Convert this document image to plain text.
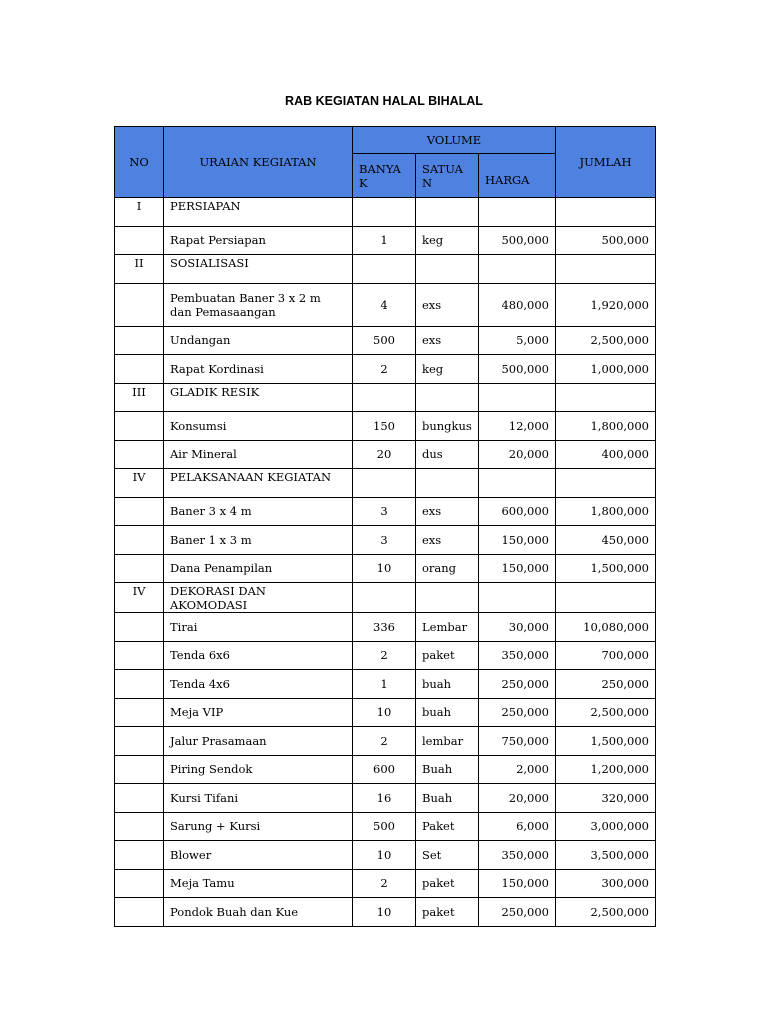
RAB KEGIATAN HALAL BIHALAL
NO	URAIAN KEGIATAN	VOLUME			JUMLAH
		BANYA K	SATUA N	HARGA	
I	PERSIAPAN				
	Rapat Persiapan	1	keg	500,000	500,000
II	SOSIALISASI				
	Pembuatan Baner 3 x 2 m dan Pemasaangan	4	exs	480,000	1,920,000
	Undangan	500	exs	5,000	2,500,000
	Rapat Kordinasi	2	keg	500,000	1,000,000
III	GLADIK RESIK				
	Konsumsi	150	bungkus	12,000	1,800,000
	Air Mineral	20	dus	20,000	400,000
IV	PELAKSANAAN KEGIATAN				
	Baner 3 x 4 m	3	exs	600,000	1,800,000
	Baner 1 x 3 m	3	exs	150,000	450,000
	Dana Penampilan	10	orang	150,000	1,500,000
IV	DEKORASI DAN AKOMODASI				
	Tirai	336	Lembar	30,000	10,080,000
	Tenda 6x6	2	paket	350,000	700,000
	Tenda 4x6	1	buah	250,000	250,000
	Meja VIP	10	buah	250,000	2,500,000
	Jalur Prasamaan	2	lembar	750,000	1,500,000
	Piring Sendok	600	Buah	2,000	1,200,000
	Kursi Tifani	16	Buah	20,000	320,000
	Sarung + Kursi	500	Paket	6,000	3,000,000
	Blower	10	Set	350,000	3,500,000
	Meja Tamu	2	paket	150,000	300,000
	Pondok Buah dan Kue	10	paket	250,000	2,500,000
